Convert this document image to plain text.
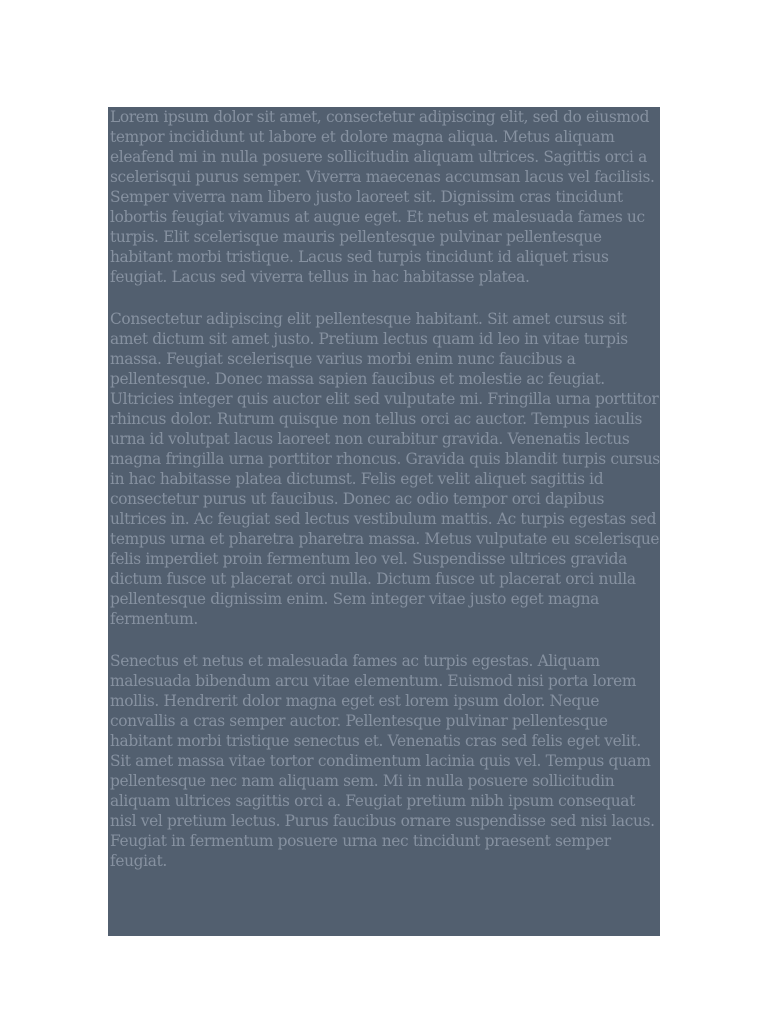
Lorem ipsum dolor sit amet, consectetur adipiscing elit, sed do eiusmod tempor incididunt ut labore et dolore magna aliqua. Metus aliquam eleafend mi in nulla posuere sollicitudin aliquam ultrices. Sagittis orci a scelerisqui purus semper. Viverra maecenas accumsan lacus vel facilisis. Semper viverra nam libero justo laoreet sit. Dignissim cras tincidunt lobortis feugiat vivamus at augue eget. Et netus et malesuada fames uc turpis. Elit scelerisque mauris pellentesque pulvinar pellentesque habitant morbi tristique. Lacus sed turpis tincidunt id aliquet risus feugiat. Lacus sed viverra tellus in hac habitasse platea.

Consectetur adipiscing elit pellentesque habitant. Sit amet cursus sit amet dictum sit amet justo. Pretium lectus quam id leo in vitae turpis massa. Feugiat scelerisque varius morbi enim nunc faucibus a pellentesque. Donec massa sapien faucibus et molestie ac feugiat. Ultricies integer quis auctor elit sed vulputate mi. Fringilla urna porttitor rhincus dolor. Rutrum quisque non tellus orci ac auctor. Tempus iaculis urna id volutpat lacus laoreet non curabitur gravida. Venenatis lectus magna fringilla urna porttitor rhoncus. Gravida quis blandit turpis cursus in hac habitasse platea dictumst. Felis eget velit aliquet sagittis id consectetur purus ut faucibus. Donec ac odio tempor orci dapibus ultrices in. Ac feugiat sed lectus vestibulum mattis. Ac turpis egestas sed tempus urna et pharetra pharetra massa. Metus vulputate eu scelerisque felis imperdiet proin fermentum leo vel. Suspendisse ultrices gravida dictum fusce ut placerat orci nulla. Dictum fusce ut placerat orci nulla pellentesque dignissim enim. Sem integer vitae justo eget magna fermentum.

Senectus et netus et malesuada fames ac turpis egestas. Aliquam malesuada bibendum arcu vitae elementum. Euismod nisi porta lorem mollis. Hendrerit dolor magna eget est lorem ipsum dolor. Neque convallis a cras semper auctor. Pellentesque pulvinar pellentesque habitant morbi tristique senectus et. Venenatis cras sed felis eget velit. Sit amet massa vitae tortor condimentum lacinia quis vel. Tempus quam pellentesque nec nam aliquam sem. Mi in nulla posuere sollicitudin aliquam ultrices sagittis orci a. Feugiat pretium nibh ipsum consequat nisl vel pretium lectus. Purus faucibus ornare suspendisse sed nisi lacus. Feugiat in fermentum posuere urna nec tincidunt praesent semper feugiat.
